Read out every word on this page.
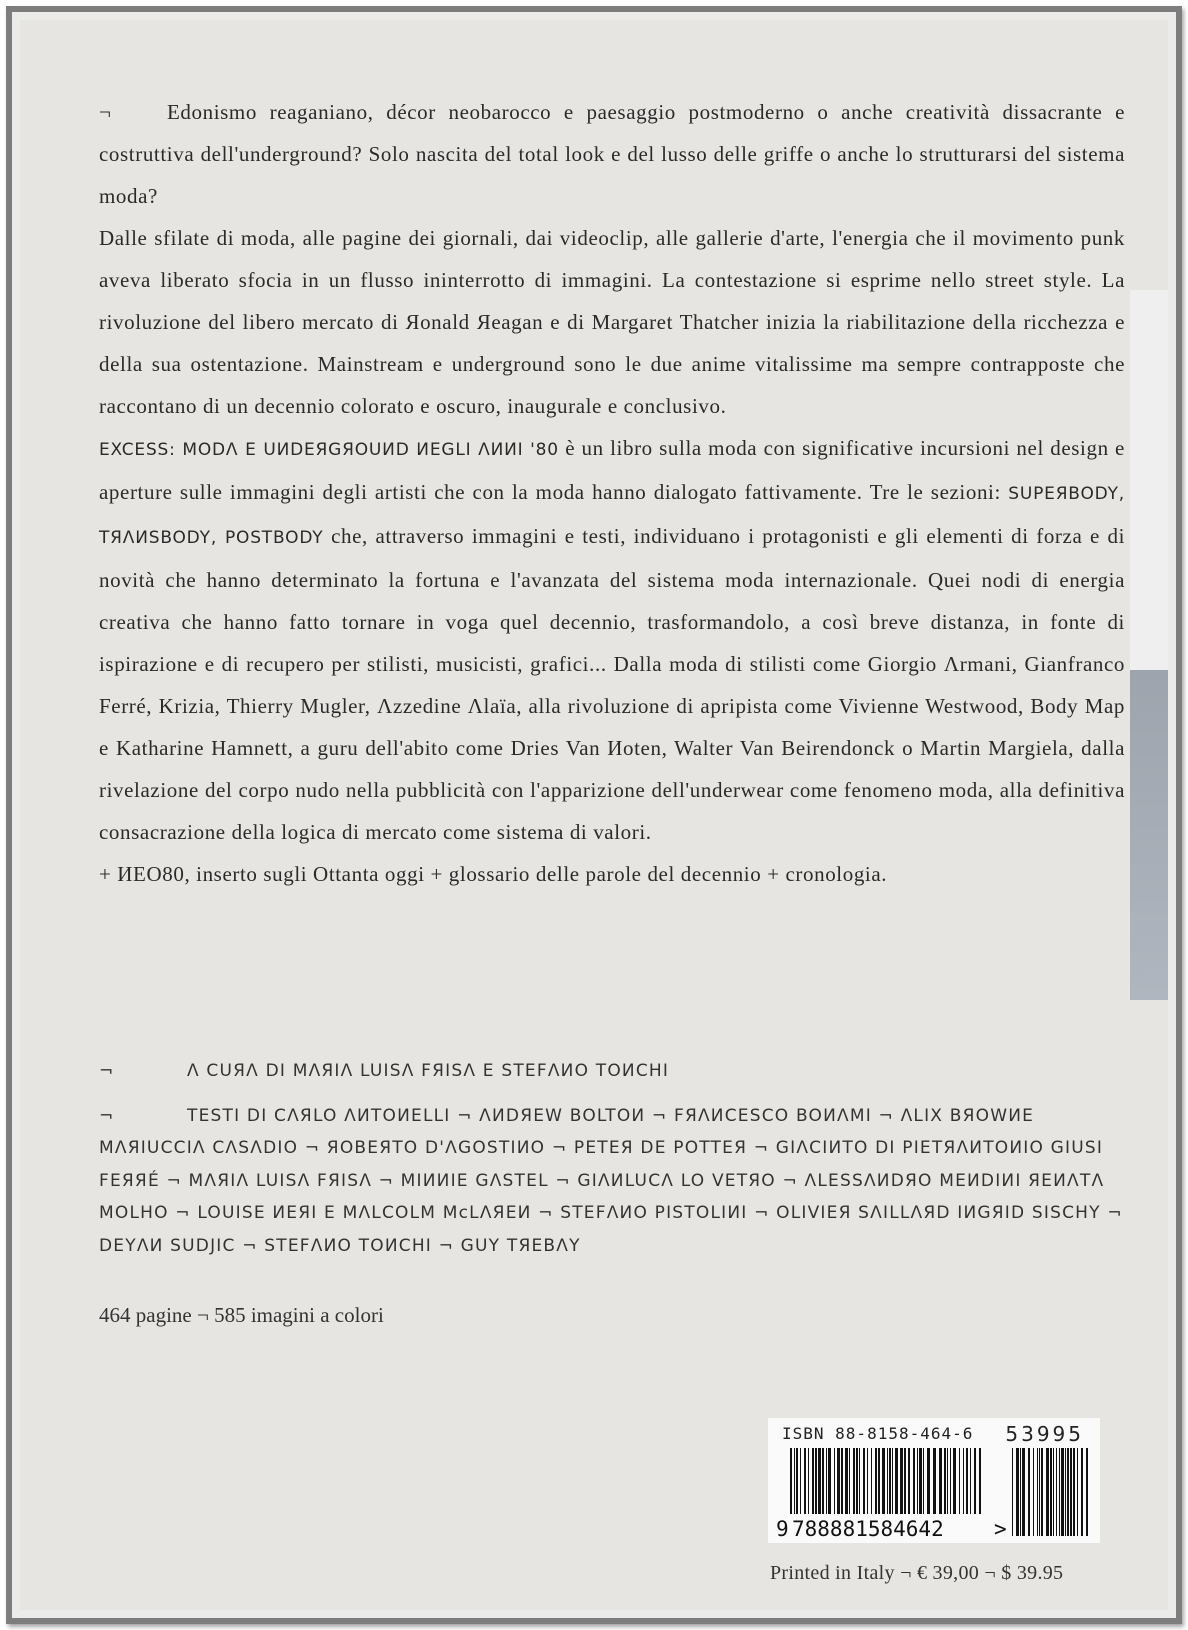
¬	Edonismo reaganiano, décor neobarocco e paesaggio postmoderno o anche creatività dissacrante e costruttiva dell'underground? Solo nascita del total look e del lusso delle griffe o anche lo strutturarsi del sistema moda?

Dalle sfilate di moda, alle pagine dei giornali, dai videoclip, alle gallerie d'arte, l'energia che il movimento punk aveva liberato sfocia in un flusso ininterrotto di immagini. La contestazione si esprime nello street style. La rivoluzione del libero mercato di Яonald Яeagan e di Margaret Thatcher inizia la riabilitazione della ricchezza e della sua ostentazione. Mainstream e underground sono le due anime vitalissime ma sempre contrapposte che raccontano di un decennio colorato e oscuro, inaugurale e conclusivo.

EXCESS: MODΛ E UИDEЯGЯOUИD ИEGLI ΛИИI '80 è un libro sulla moda con significative incursioni nel design e aperture sulle immagini degli artisti che con la moda hanno dialogato fattivamente. Tre le sezioni: SUPEЯBODY, TЯΛИSBODY, POSTBODY che, attraverso immagini e testi, individuano i protagonisti e gli elementi di forza e di novità che hanno determinato la fortuna e l'avanzata del sistema moda internazionale. Quei nodi di energia creativa che hanno fatto tornare in voga quel decennio, trasformandolo, a così breve distanza, in fonte di ispirazione e di recupero per stilisti, musicisti, grafici... Dalla moda di stilisti come Giorgio Λrmani, Gianfranco Ferré, Krizia, Thierry Mugler, Λzzedine Λlaïa, alla rivoluzione di apripista come Vivienne Westwood, Body Map e Katharine Hamnett, a guru dell'abito come Dries Van Иoten, Walter Van Beirendonck o Martin Margiela, dalla rivelazione del corpo nudo nella pubblicità con l'apparizione dell'underwear come fenomeno moda, alla definitiva consacrazione della logica di mercato come sistema di valori.

+ ИEO80, inserto sugli Ottanta oggi + glossario delle parole del decennio + cronologia.

¬	Λ CUЯΛ DI MΛЯIΛ LUISΛ FЯISΛ E STEFΛИO TOИCHI

¬	TESTI DI CΛЯLO ΛИTOИELLI ¬ ΛИDЯEW BOLTOИ ¬ FЯΛИCESCO BOИΛMI ¬ ΛLIX BЯOWИE MΛЯIUCCIΛ CΛSΛDIO ¬ ЯOBEЯTO D'ΛGOSTIИO ¬ PETEЯ DE POTTEЯ ¬ GIΛCIИTO DI PIETЯΛИTOИIO GIUSI FEЯЯÉ ¬ MΛЯIΛ LUISΛ FЯISΛ ¬ MIИИIE GΛSTEL ¬ GIΛИLUCΛ LO VETЯO ¬ ΛLESSΛИDЯO MEИDIИI ЯEИΛTΛ MOLHO ¬ LOUISE ИEЯI E MΛLCOLM McLΛЯEИ ¬ STEFΛИO PISTOLIИI ¬ OLIVIEЯ SΛILLΛЯD IИGЯID SISCHY ¬ DEYΛИ SUDJIC ¬ STEFΛИO TOИCHI ¬ GUY TЯEBΛY

464 pagine ¬ 585 imagini a colori
ISBN 88-8158-464-6 53995
9 788881584642 >
Printed in Italy ¬ € 39,00 ¬ $ 39.95
